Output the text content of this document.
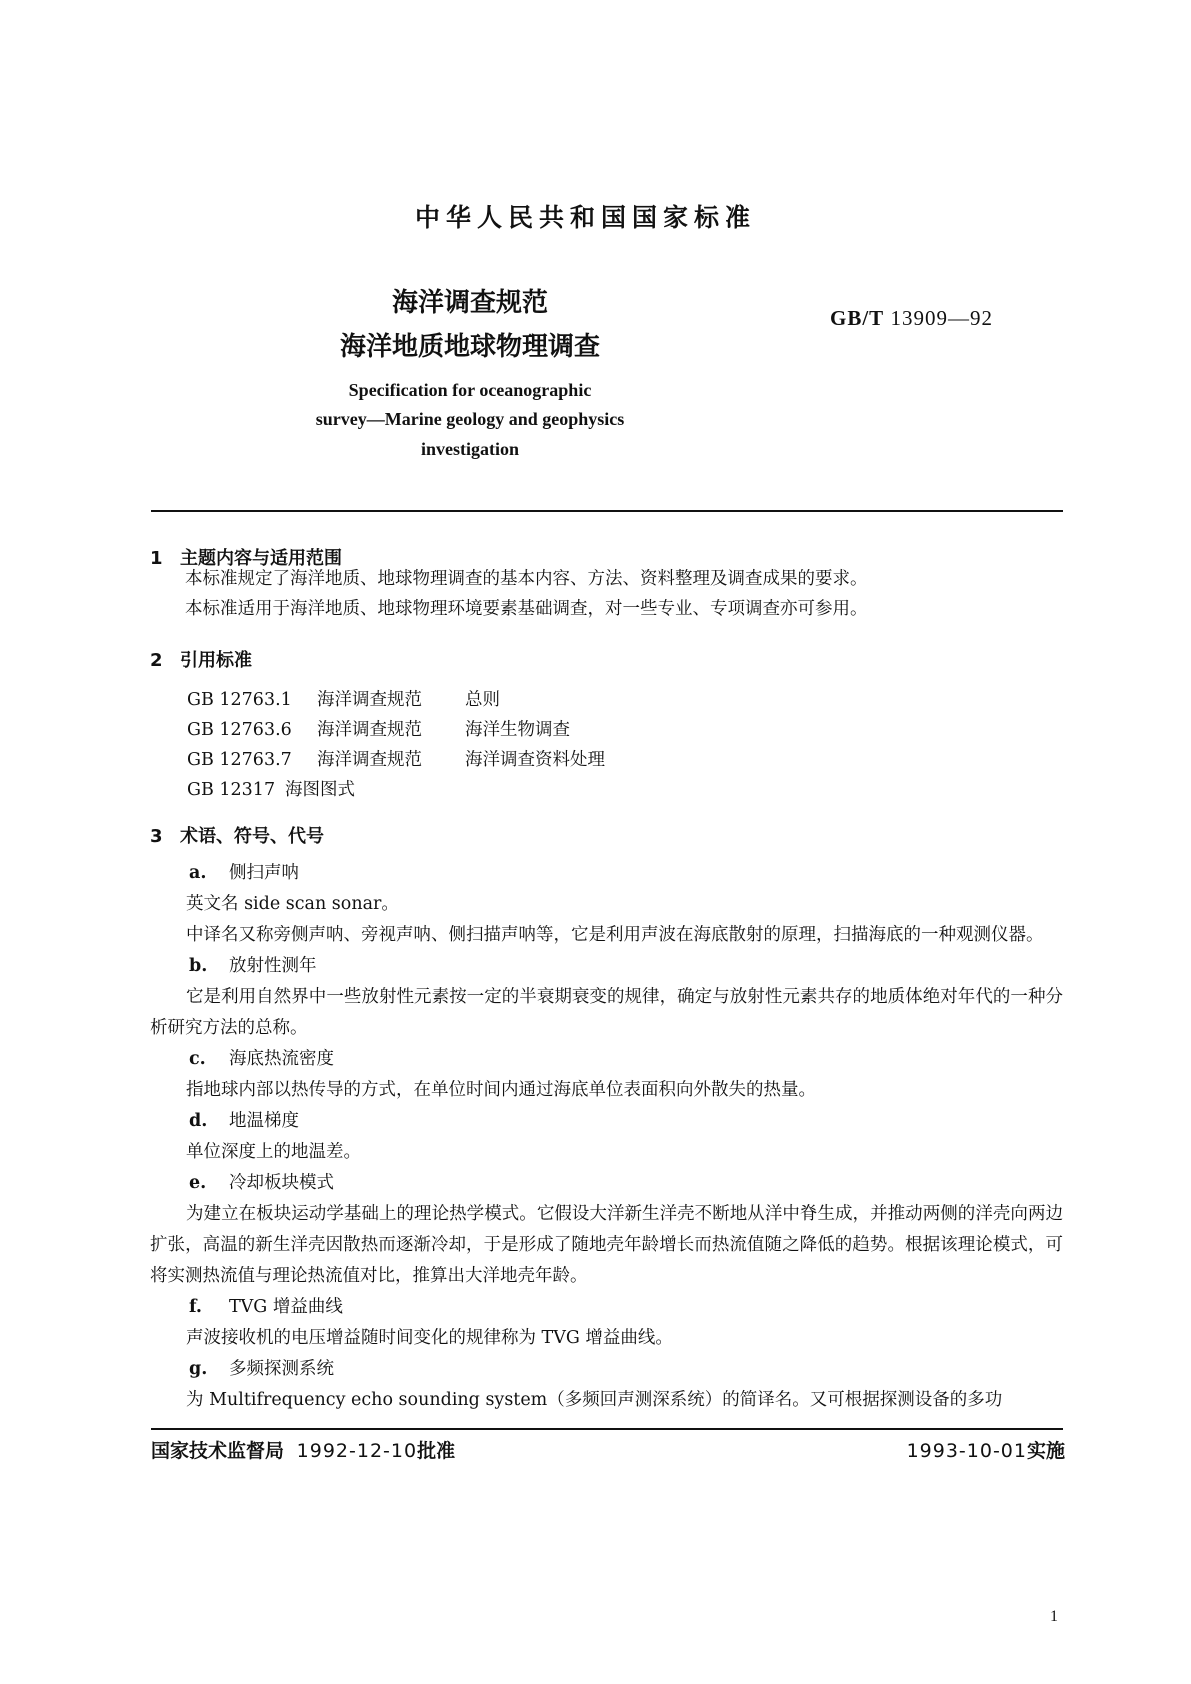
中华人民共和国国家标准
海洋调查规范
海洋地质地球物理调查
GB/T 13909—92
Specification for oceanographic
survey—Marine geology and geophysics
investigation
1 主题内容与适用范围
本标准规定了海洋地质、地球物理调查的基本内容、方法、资料整理及调查成果的要求。
本标准适用于海洋地质、地球物理环境要素基础调查，对一些专业、专项调查亦可参用。
2 引用标准
GB 12763.1 海洋调查规范 总则
GB 12763.6 海洋调查规范 海洋生物调查
GB 12763.7 海洋调查规范 海洋调查资料处理
GB 12317 海图图式
3 术语、符号、代号

a. 侧扫声呐

英文名 side scan sonar。

中译名又称旁侧声呐、旁视声呐、侧扫描声呐等，它是利用声波在海底散射的原理，扫描海底的一种观测仪器。

b. 放射性测年

它是利用自然界中一些放射性元素按一定的半衰期衰变的规律，确定与放射性元素共存的地质体绝对年代的一种分析研究方法的总称。

c. 海底热流密度

指地球内部以热传导的方式，在单位时间内通过海底单位表面积向外散失的热量。

d. 地温梯度

单位深度上的地温差。

e. 冷却板块模式

为建立在板块运动学基础上的理论热学模式。它假设大洋新生洋壳不断地从洋中脊生成，并推动两侧的洋壳向两边扩张，高温的新生洋壳因散热而逐渐冷却，于是形成了随地壳年龄增长而热流值随之降低的趋势。根据该理论模式，可将实测热流值与理论热流值对比，推算出大洋地壳年龄。

f. TVG 增益曲线

声波接收机的电压增益随时间变化的规律称为 TVG 增益曲线。

g. 多频探测系统

为 Multifrequency echo sounding system（多频回声测深系统）的简译名。又可根据探测设备的多功

国家技术监督局 1992-12-10批准	1993-10-01实施
1
